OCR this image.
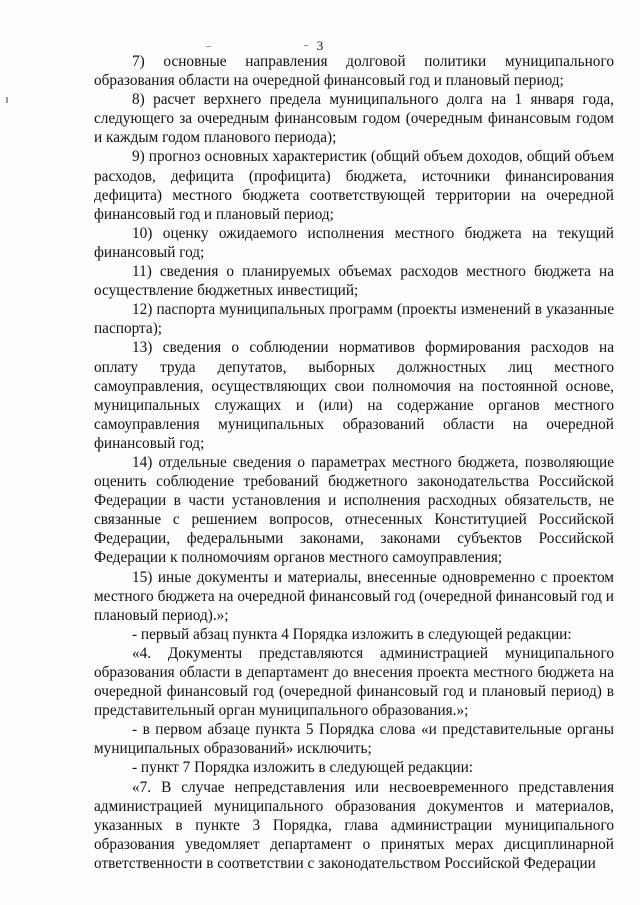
3

7) основные направления долговой политики муниципального образования области на очередной финансовый год и плановый период;

8) расчет верхнего предела муниципального долга на 1 января года, следующего за очередным финансовым годом (очередным финансовым годом и каждым годом планового периода);

9) прогноз основных характеристик (общий объем доходов, общий объем расходов, дефицита (профицита) бюджета, источники финансирования дефицита) местного бюджета соответствующей территории на очередной финансовый год и плановый период;

10) оценку ожидаемого исполнения местного бюджета на текущий финансовый год;

11) сведения о планируемых объемах расходов местного бюджета на осуществление бюджетных инвестиций;

12) паспорта муниципальных программ (проекты изменений в указанные паспорта);

13) сведения о соблюдении нормативов формирования расходов на оплату труда депутатов, выборных должностных лиц местного самоуправления, осуществляющих свои полномочия на постоянной основе, муниципальных служащих и (или) на содержание органов местного самоуправления муниципальных образований области на очередной финансовый год;

14) отдельные сведения о параметрах местного бюджета, позволяющие оценить соблюдение требований бюджетного законодательства Российской Федерации в части установления и исполнения расходных обязательств, не связанные с решением вопросов, отнесенных Конституцией Российской Федерации, федеральными законами, законами субъектов Российской Федерации к полномочиям органов местного самоуправления;

15) иные документы и материалы, внесенные одновременно с проектом местного бюджета на очередной финансовый год (очередной финансовый год и плановый период).»;

- первый абзац пункта 4 Порядка изложить в следующей редакции:

«4. Документы представляются администрацией муниципального образования области в департамент до внесения проекта местного бюджета на очередной финансовый год (очередной финансовый год и плановый период) в представительный орган муниципального образования.»;

- в первом абзаце пункта 5 Порядка слова «и представительные органы муниципальных образований» исключить;

- пункт 7 Порядка изложить в следующей редакции:

«7. В случае непредставления или несвоевременного представления администрацией муниципального образования документов и материалов, указанных в пункте 3 Порядка, глава администрации муниципального образования уведомляет департамент о принятых мерах дисциплинарной ответственности в соответствии с законодательством Российской Федерации
